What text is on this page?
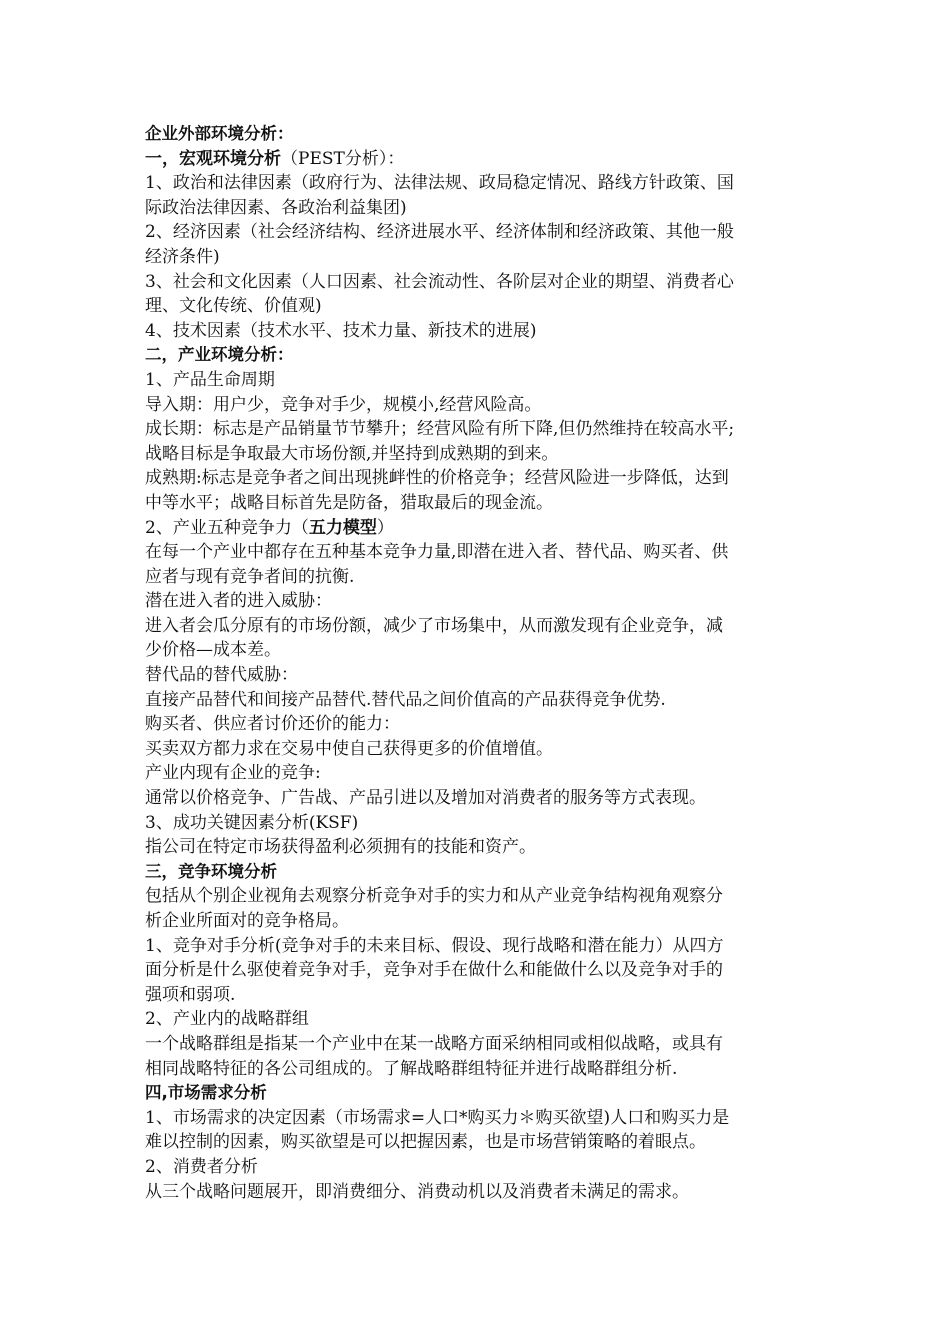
企业外部环境分析：
一，宏观环境分析（PEST分析）：
1、政治和法律因素（政府行为、法律法规、政局稳定情况、路线方针政策、国
际政治法律因素、各政治利益集团)
2、经济因素（社会经济结构、经济进展水平、经济体制和经济政策、其他一般
经济条件)
3、社会和文化因素（人口因素、社会流动性、各阶层对企业的期望、消费者心
理、文化传统、价值观)
4、技术因素（技术水平、技术力量、新技术的进展)
二，产业环境分析：
1、产品生命周期
导入期：用户少，竞争对手少，规模小,经营风险高。
成长期：标志是产品销量节节攀升；经营风险有所下降,但仍然维持在较高水平;
战略目标是争取最大市场份额,并坚持到成熟期的到来。
成熟期:标志是竞争者之间出现挑衅性的价格竞争；经营风险进一步降低，达到
中等水平；战略目标首先是防备，猎取最后的现金流。
2、产业五种竞争力（五力模型）
在每一个产业中都存在五种基本竞争力量,即潜在进入者、替代品、购买者、供
应者与现有竞争者间的抗衡.
潜在进入者的进入威胁：
进入者会瓜分原有的市场份额，减少了市场集中，从而激发现有企业竞争，减
少价格—成本差。
替代品的替代威胁：
直接产品替代和间接产品替代.替代品之间价值高的产品获得竞争优势.
购买者、供应者讨价还价的能力：
买卖双方都力求在交易中使自己获得更多的价值增值。
产业内现有企业的竞争:
通常以价格竞争、广告战、产品引进以及增加对消费者的服务等方式表现。
3、成功关键因素分析(KSF)
指公司在特定市场获得盈利必须拥有的技能和资产。
三，竞争环境分析
包括从个别企业视角去观察分析竞争对手的实力和从产业竞争结构视角观察分
析企业所面对的竞争格局。
1、竞争对手分析(竞争对手的未来目标、假设、现行战略和潜在能力）从四方
面分析是什么驱使着竞争对手，竞争对手在做什么和能做什么以及竞争对手的
强项和弱项.
2、产业内的战略群组
一个战略群组是指某一个产业中在某一战略方面采纳相同或相似战略，或具有
相同战略特征的各公司组成的。了解战略群组特征并进行战略群组分析.
四,市场需求分析
1、市场需求的决定因素（市场需求=人口*购买力＊购买欲望)人口和购买力是
难以控制的因素，购买欲望是可以把握因素，也是市场营销策略的着眼点。
2、消费者分析
从三个战略问题展开，即消费细分、消费动机以及消费者未满足的需求。
